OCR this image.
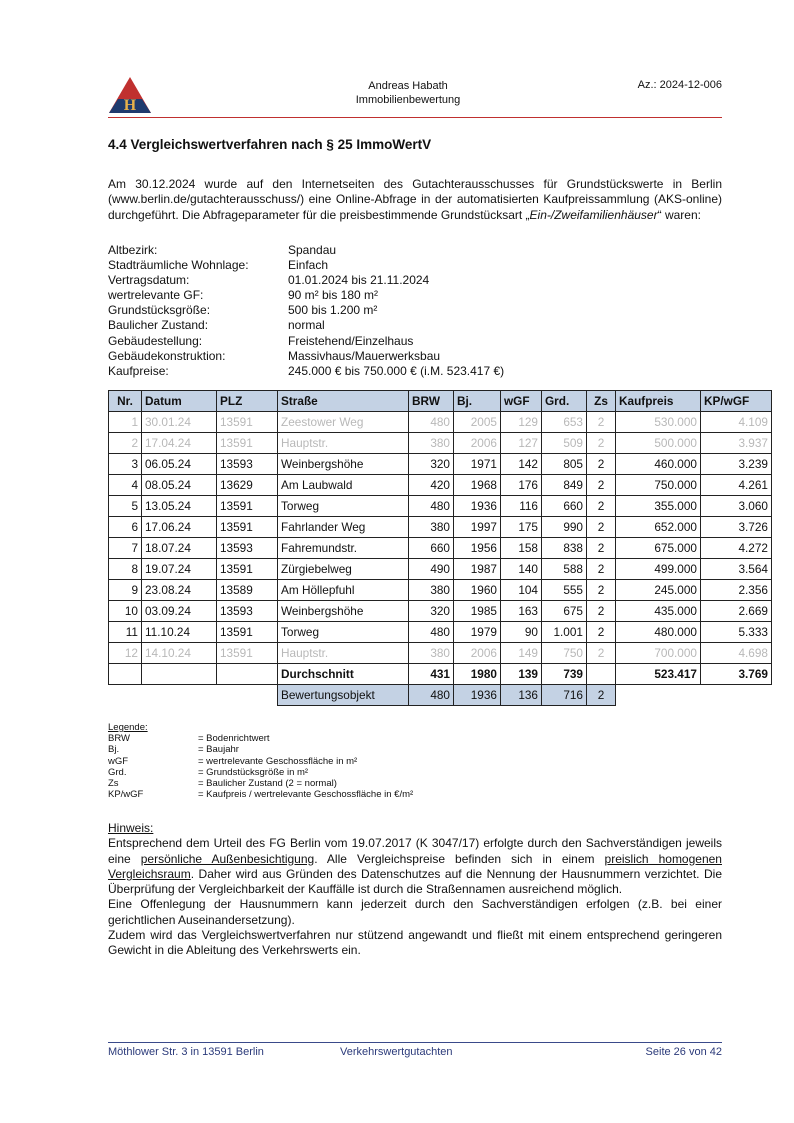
H
Andreas Habath
Immobilienbewertung
Az.: 2024-12-006
4.4 Vergleichswertverfahren nach § 25 ImmoWertV
Am 30.12.2024 wurde auf den Internetseiten des Gutachterausschusses für Grundstückswerte in Berlin (www.berlin.de/gutachterausschuss/) eine Online-Abfrage in der automatisierten Kaufpreissammlung (AKS-online) durchgeführt. Die Abfrageparameter für die preisbestimmende Grundstücksart „Ein-/Zweifamilienhäuser“ waren:
Altbezirk:	Spandau
Stadträumliche Wohnlage:	Einfach
Vertragsdatum:	01.01.2024 bis 21.11.2024
wertrelevante GF:	90 m² bis 180 m²
Grundstücksgröße:	500 bis 1.200 m²
Baulicher Zustand:	normal
Gebäudestellung:	Freistehend/Einzelhaus
Gebäudekonstruktion:	Massivhaus/Mauerwerksbau
Kaufpreise:	245.000 € bis 750.000 € (i.M. 523.417 €)
Nr.	Datum	PLZ	Straße	BRW	Bj.	wGF	Grd.	Zs	Kaufpreis	KP/wGF
1	30.01.24	13591	Zeestower Weg	480	2005	129	653	2	530.000	4.109
2	17.04.24	13591	Hauptstr.	380	2006	127	509	2	500.000	3.937
3	06.05.24	13593	Weinbergshöhe	320	1971	142	805	2	460.000	3.239
4	08.05.24	13629	Am Laubwald	420	1968	176	849	2	750.000	4.261
5	13.05.24	13591	Torweg	480	1936	116	660	2	355.000	3.060
6	17.06.24	13591	Fahrlander Weg	380	1997	175	990	2	652.000	3.726
7	18.07.24	13593	Fahremundstr.	660	1956	158	838	2	675.000	4.272
8	19.07.24	13591	Zürgiebelweg	490	1987	140	588	2	499.000	3.564
9	23.08.24	13589	Am Höllepfuhl	380	1960	104	555	2	245.000	2.356
10	03.09.24	13593	Weinbergshöhe	320	1985	163	675	2	435.000	2.669
11	11.10.24	13591	Torweg	480	1979	90	1.001	2	480.000	5.333
12	14.10.24	13591	Hauptstr.	380	2006	149	750	2	700.000	4.698
			Durchschnitt	431	1980	139	739		523.417	3.769
			Bewertungsobjekt	480	1936	136	716	2		
Legende:
BRW	= Bodenrichtwert
Bj.	= Baujahr
wGF	= wertrelevante Geschossfläche in m²
Grd.	= Grundstücksgröße in m²
Zs	= Baulicher Zustand (2 = normal)
KP/wGF	= Kaufpreis / wertrelevante Geschossfläche in €/m²

Hinweis:

Entsprechend dem Urteil des FG Berlin vom 19.07.2017 (K 3047/17) erfolgte durch den Sachverständigen jeweils eine persönliche Außenbesichtigung. Alle Vergleichspreise befinden sich in einem preislich homogenen Vergleichsraum. Daher wird aus Gründen des Datenschutzes auf die Nennung der Hausnummern verzichtet. Die Überprüfung der Vergleichbarkeit der Kauffälle ist durch die Straßennamen ausreichend möglich.

Eine Offenlegung der Hausnummern kann jederzeit durch den Sachverständigen erfolgen (z.B. bei einer gerichtlichen Auseinandersetzung).

Zudem wird das Vergleichswertverfahren nur stützend angewandt und fließt mit einem entsprechend geringeren Gewicht in die Ableitung des Verkehrswerts ein.

Möthlower Str. 3 in 13591 Berlin	Verkehrswertgutachten	Seite 26 von 42
